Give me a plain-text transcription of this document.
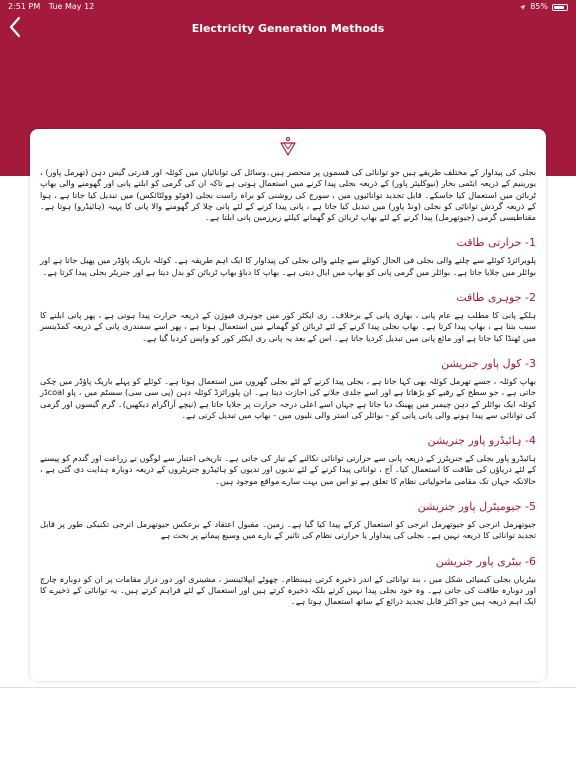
2:51 PM Tue May 12	85%
Electricity Generation Methods

بجلی کی پیداوار کے مختلف طریقے ہیں جو توانائی کی قسموں پر منحصر ہیں۔وسائل کی توانائیاں میں کوئلہ اور قدرتی گیس دہن (تھرمل پاور) ، یورینیم کے ذریعہ ایٹمی بخار (نیوکلیئر پاور) کے ذریعہ بجلی پیدا کرنے میں استعمال ہوتی ہے تاکہ ان کی گرمی کو ابلتے پانی اور گھومنے والی بھاپ ٹربائن میں استعمال کیا جاسکے۔ قابل تجدید توانائیوں میں ، سورج کی روشنی کو براہ راست بجلی (فوٹو وولٹائکس) میں تبدیل کیا جاتا ہے ، ہوا کے ذریعہ گردش توانائی کو بجلی (ونڈ پاور) میں تبدیل کیا جاتا ہے ، پانی پیدا کرنے کے لئے پانی چلا کر گھومنے والا پانی کا پہیہ (ہائیڈرو) ہوتا ہے۔ مقناطیسی گرمی (جیوتھرمل) پیدا کرنے کے لئے بھاپ ٹربائن کو گھمانے کیلئے زیرزمین پانی ابلتا ہے۔

1- حرارتی طاقت

پلویرائزڈ کوئلے سے چلنے والی بجلی فی الحال کوئلے سے چلنے والی بجلی کی پیداوار کا ایک اہم طریقہ ہے۔ کوئلہ باریک پاؤڈر میں پھیل جاتا ہے اور بوائلر میں جلایا جاتا ہے۔ بوائلر میں گرمی پانی کو بھاپ میں ابال دیتی ہے۔ بھاپ کا دباؤ بھاپ ٹربائن کو بدل دیتا ہے اور جنریٹر بجلی پیدا کرتا ہے۔

2- جوہری طاقت

ہلکے پانی کا مطلب ہے عام پانی ، بھاری پانی کے برخلاف۔ ری ایکٹر کور میں جوہری فیوژن کے ذریعہ حرارت پیدا ہوتی ہے ، پھر پانی ابلنے کا سبب بنتا ہے ، بھاپ پیدا کرتا ہے۔ بھاپ بجلی پیدا کرنے کے لئے ٹربائن کو گھمانے میں استعمال ہوتا ہے ، پھر اسے سمندری پانی کے ذریعہ کمڈینسر میں ٹھنڈا کیا جاتا ہے اور مائع پانی میں تبدیل کردیا جاتا ہے۔ اس کے بعد یہ پانی ری ایکٹر کور کو واپس کردیا گیا ہے۔

3- کول پاور جنریشن

بھاپ کوئلہ ، جسے تھرمل کوئلہ بھی کہا جاتا ہے ، بجلی پیدا کرنے کے لئے بجلی گھروں میں استعمال ہوتا ہے۔ کوئلے کو پہلے باریک پاؤڈر میں چکی جاتی ہے ، جو سطح کے رقبے کو بڑھاتا ہے اور اسے جلدی جلانے کی اجازت دیتا ہے۔ ان پلورائزڈ کوئلہ دہن (پی سی سی) سسٹم میں ، پاو coalڈر کوئلہ ایک بوائلر کے دہن چیمبر میں پھینک دیا جاتا ہے جہاں اسے اعلی درجہ حرارت پر جلایا جاتا ہے (نیچے آراگرام دیکھیں)۔ گرم گیسوں اور گرمی کی توانائی سے پیدا ہونے والی پانی پانی کو - بوائلر کی استر والی نلیوں میں - بھاپ میں تبدیل کرتی ہے۔

4- ہائیڈرو پاور جنریشن

ہائیڈرو پاور بجلی کے جنریٹرز کے ذریعہ پانی سے حرارتی توانائی نکالنے کے تیار کی جاتی ہے۔ تاریخی اعتبار سے لوگوں نے زراعت اور گندم کو پیسنے کے لئے دریاؤں کی طاقت کا استعمال کیا۔ آج ، توانائی پیدا کرنے کے لئے ندیوں اور ندیوں کو ہائیڈرو جنریٹروں کے ذریعہ دوبارہ ہدایت دی گئی ہے ، حالانکہ جہاں تک مقامی ماحولیاتی نظام کا تعلق ہے تو اس میں بہت سارے مواقع موجود ہیں۔

5- جیومیٹرل پاور جنریشن

جیوتھرمل انرجی کو جیوتھرمل انرجی کو استعمال کرکے پیدا کیا گیا ہے۔ زمین۔ مقبول اعتقاد کے برعکس جیوتھرمل انرجی تکنیکی طور پر قابل تجدید توانائی کا ذریعہ نہیں ہے۔ بجلی کی پیداوار یا حرارتی نظام کی تاثیر کے بارے میں وسیع پیمانے پر بحث ہے

6- بیٹری پاور جنریشن

بیٹریاں بجلی کیمیائی شکل میں ، بند توانائی کے اندر ذخیرہ کرتی ہیںنظام۔ چھوٹے ایپلائینسز ، مشینری اور دور دراز مقامات پر ان کو دوبارہ چارج اور دوبارہ طاقت کی جاتی ہے۔ وہ خود بجلی پیدا نہیں کرتے بلکہ ذخیرہ کرتے ہیں اور استعمال کے لئے فراہم کرتے ہیں۔ یہ توانائی کے ذخیرے کا ایک اہم ذریعہ ہیں جو اکثر قابل تجدید ذرائع کے ساتھ استعمال ہوتا ہے۔
